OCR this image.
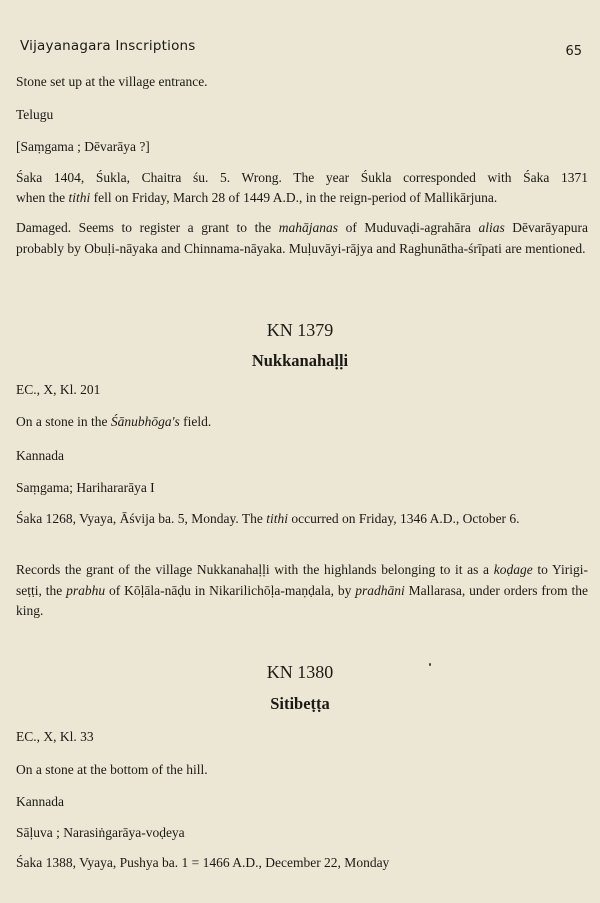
Vijayanagara Inscriptions	65
Stone set up at the village entrance.
Telugu
[Saṃgama ; Dēvarāya ?]
Śaka 1404, Śukla, Chaitra śu. 5. Wrong. The year Śukla corresponded with Śaka 1371
when the tithi fell on Friday, March 28 of 1449 A.D., in the reign-period of Mallikārjuna.
Damaged. Seems to register a grant to the mahājanas of Muduvaḍi-agrahāra alias Dēvarāyapura probably by Obuḷi-nāyaka and Chinnama-nāyaka. Muḷuvāyi-rājya and Raghunātha-śrīpati are mentioned.
KN 1379
Nukkanahaḷḷi
EC., X, Kl. 201
On a stone in the Śānubhōga's field.
Kannada
Saṃgama; Harihararāya I
Śaka 1268, Vyaya, Āśvija ba. 5, Monday. The tithi occurred on Friday, 1346 A.D., October 6.
Records the grant of the village Nukkanahaḷḷi with the highlands belonging to it as a koḍage to Yirigi-seṭṭi, the prabhu of Kōḷāla-nāḍu in Nikarilichōḷa-maṇḍala, by pradhāni Mallarasa, under orders from the king.
KN 1380
Sitibeṭṭa
EC., X, Kl. 33
On a stone at the bottom of the hill.
Kannada
Sāḷuva ; Narasiṅgarāya-voḍeya
Śaka 1388, Vyaya, Pushya ba. 1 = 1466 A.D., December 22, Monday
